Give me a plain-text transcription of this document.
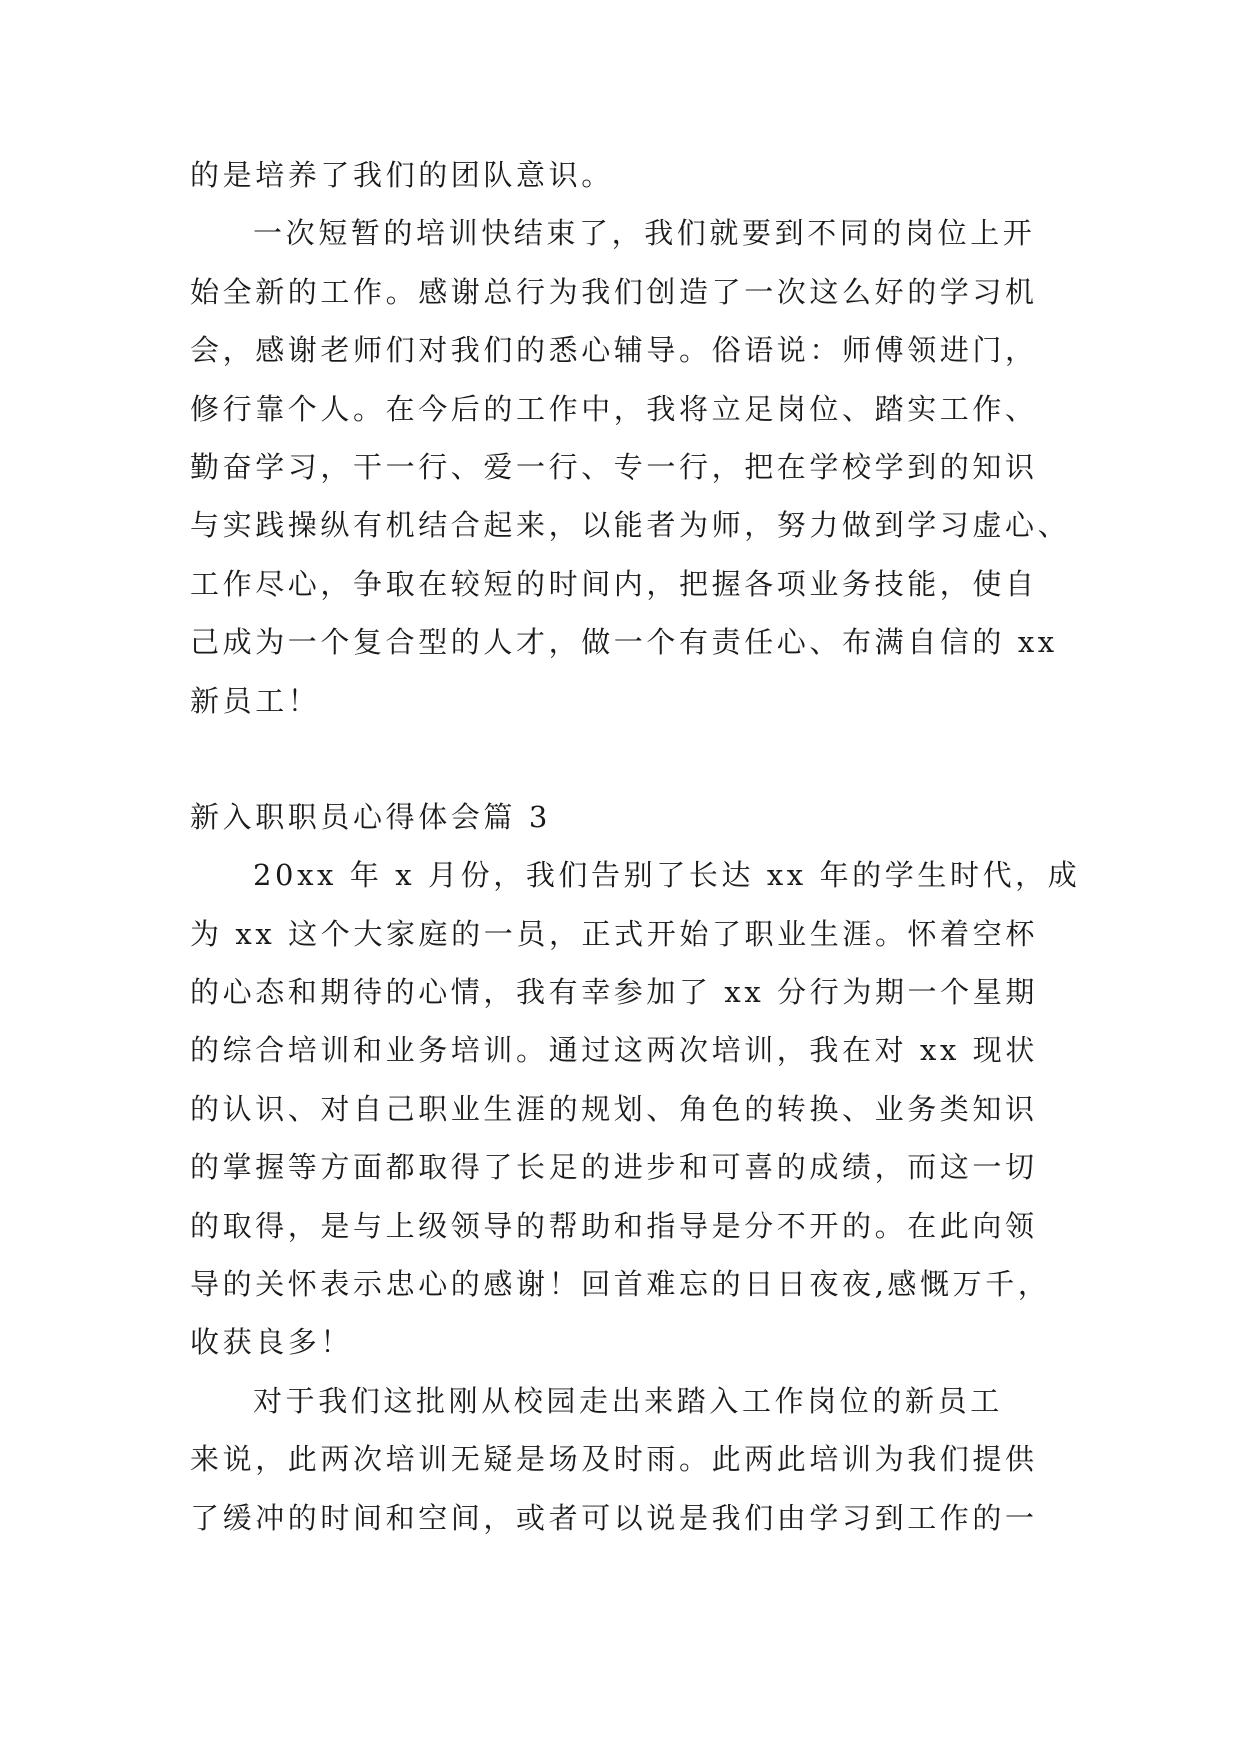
的是培养了我们的团队意识。
一次短暂的培训快结束了，我们就要到不同的岗位上开
始全新的工作。感谢总行为我们创造了一次这么好的学习机
会，感谢老师们对我们的悉心辅导。俗语说：师傅领进门，
修行靠个人。在今后的工作中，我将立足岗位、踏实工作、
勤奋学习，干一行、爱一行、专一行，把在学校学到的知识
与实践操纵有机结合起来，以能者为师，努力做到学习虚心、
工作尽心，争取在较短的时间内，把握各项业务技能，使自
己成为一个复合型的人才，做一个有责任心、布满自信的 xx
新员工！
新入职职员心得体会篇 3
20xx 年 x 月份，我们告别了长达 xx 年的学生时代，成
为 xx 这个大家庭的一员，正式开始了职业生涯。怀着空杯
的心态和期待的心情，我有幸参加了 xx 分行为期一个星期
的综合培训和业务培训。通过这两次培训，我在对 xx 现状
的认识、对自己职业生涯的规划、角色的转换、业务类知识
的掌握等方面都取得了长足的进步和可喜的成绩，而这一切
的取得，是与上级领导的帮助和指导是分不开的。在此向领
导的关怀表示忠心的感谢！回首难忘的日日夜夜,感慨万千，
收获良多！
对于我们这批刚从校园走出来踏入工作岗位的新员工
来说，此两次培训无疑是场及时雨。此两此培训为我们提供
了缓冲的时间和空间，或者可以说是我们由学习到工作的一
